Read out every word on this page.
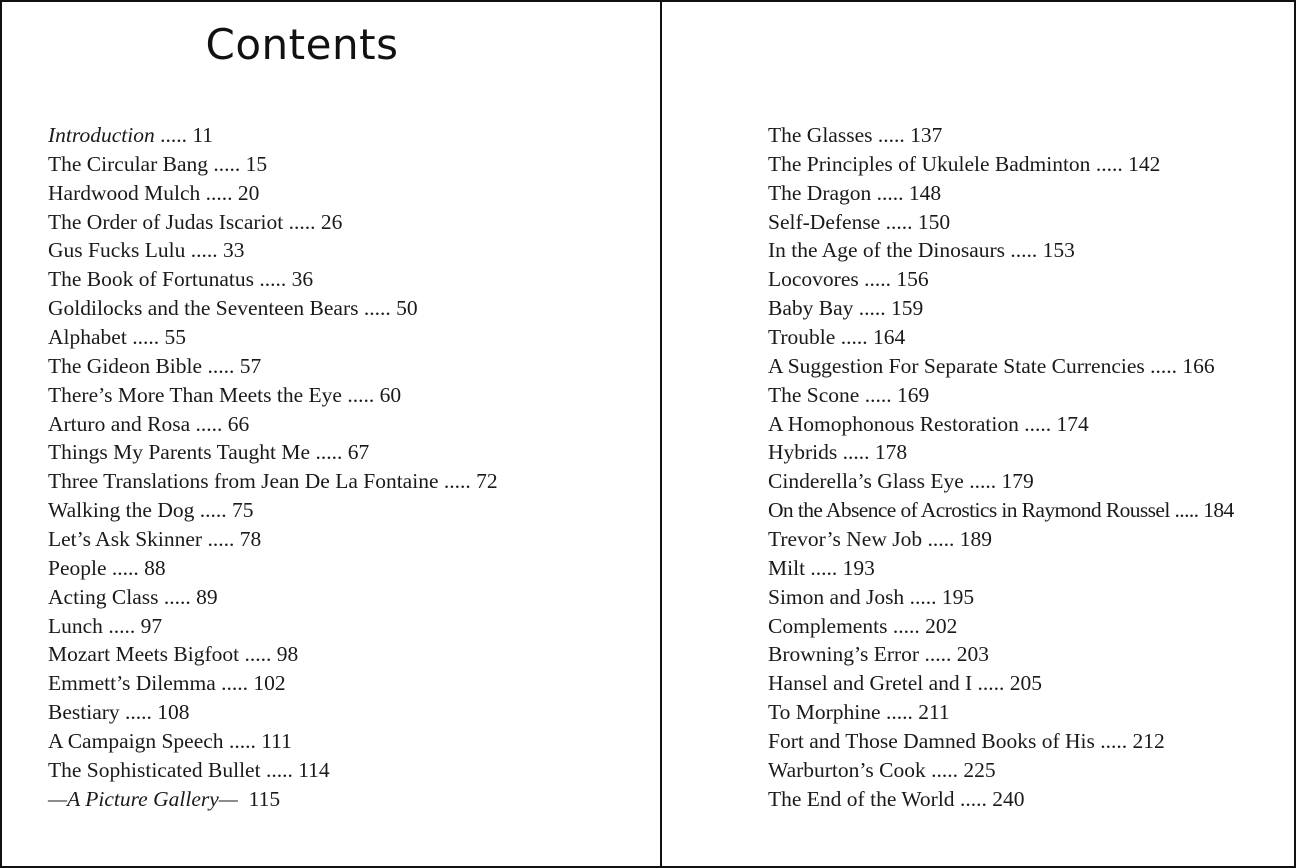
Contents
Introduction ..... 11
The Circular Bang ..... 15
Hardwood Mulch ..... 20
The Order of Judas Iscariot ..... 26
Gus Fucks Lulu ..... 33
The Book of Fortunatus ..... 36
Goldilocks and the Seventeen Bears ..... 50
Alphabet ..... 55
The Gideon Bible ..... 57
There’s More Than Meets the Eye ..... 60
Arturo and Rosa ..... 66
Things My Parents Taught Me ..... 67
Three Translations from Jean De La Fontaine ..... 72
Walking the Dog ..... 75
Let’s Ask Skinner ..... 78
People ..... 88
Acting Class ..... 89
Lunch ..... 97
Mozart Meets Bigfoot ..... 98
Emmett’s Dilemma ..... 102
Bestiary ..... 108
A Campaign Speech ..... 111
The Sophisticated Bullet ..... 114
—A Picture Gallery— 115
The Glasses ..... 137
The Principles of Ukulele Badminton ..... 142
The Dragon ..... 148
Self-Defense ..... 150
In the Age of the Dinosaurs ..... 153
Locovores ..... 156
Baby Bay ..... 159
Trouble ..... 164
A Suggestion For Separate State Currencies ..... 166
The Scone ..... 169
A Homophonous Restoration ..... 174
Hybrids ..... 178
Cinderella’s Glass Eye ..... 179
On the Absence of Acrostics in Raymond Roussel ..... 184
Trevor’s New Job ..... 189
Milt ..... 193
Simon and Josh ..... 195
Complements ..... 202
Browning’s Error ..... 203
Hansel and Gretel and I ..... 205
To Morphine ..... 211
Fort and Those Damned Books of His ..... 212
Warburton’s Cook ..... 225
The End of the World ..... 240
